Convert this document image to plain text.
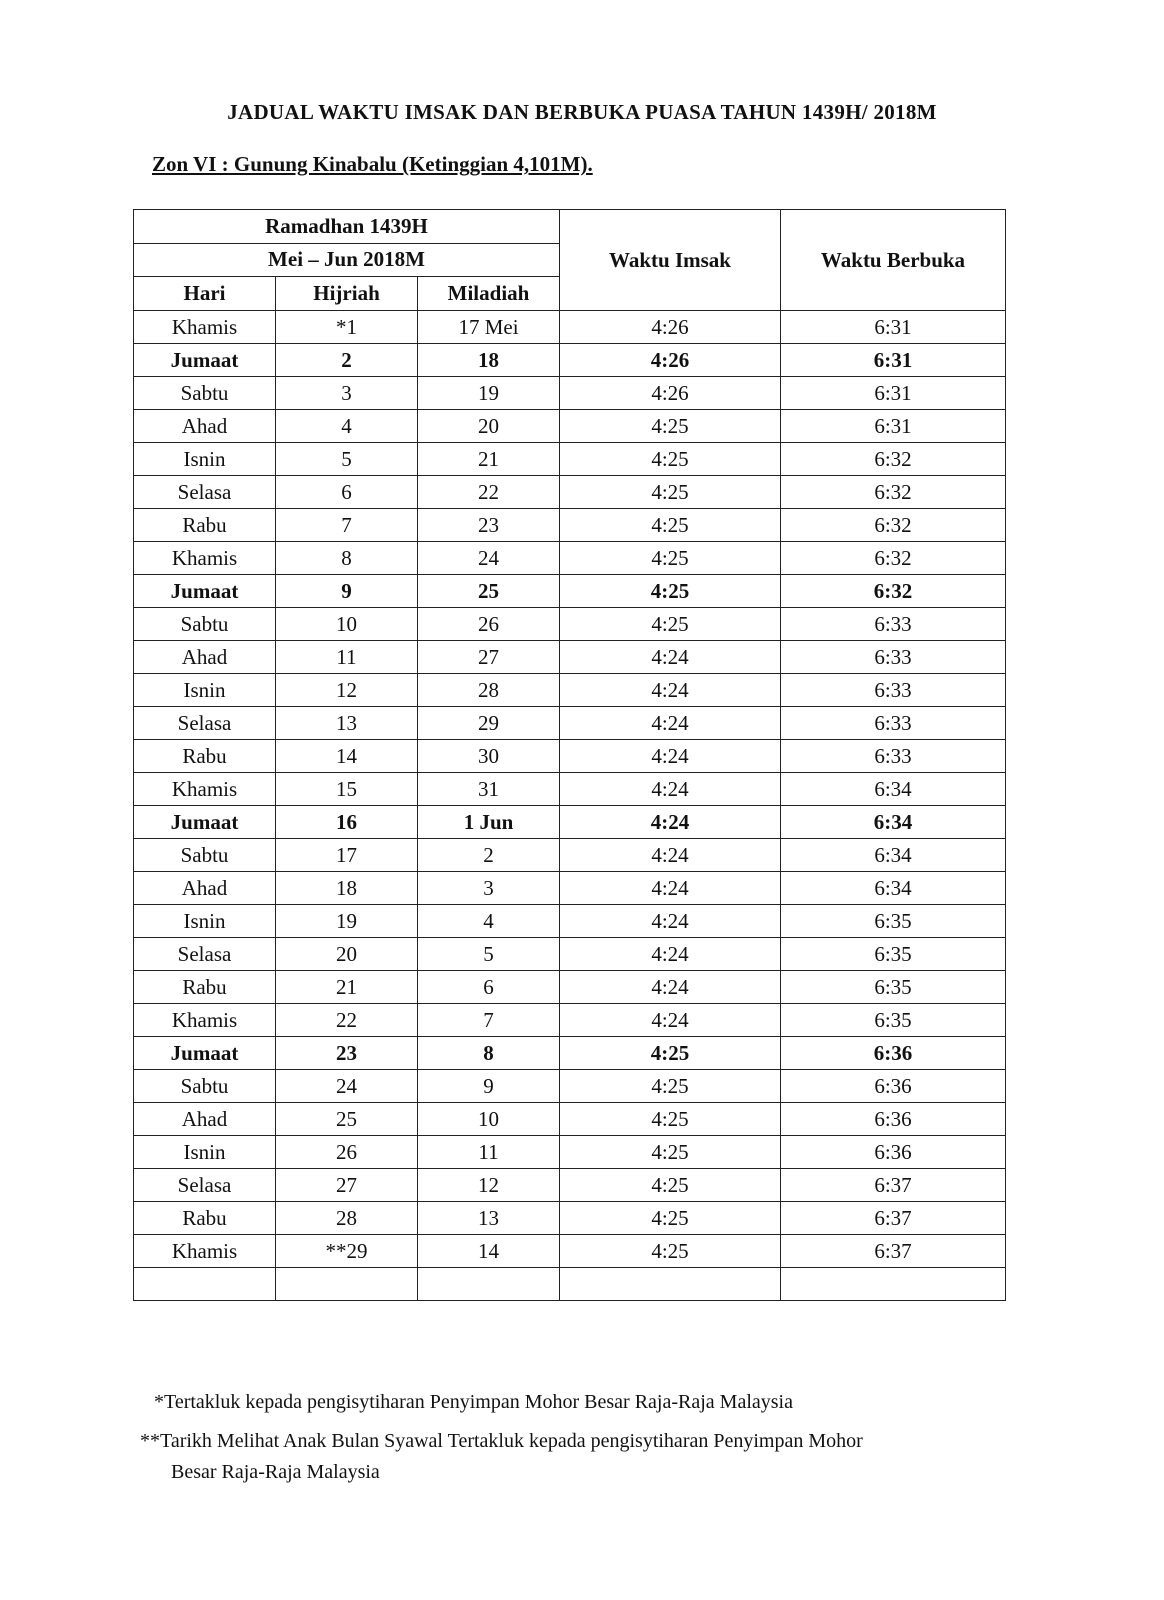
JADUAL WAKTU IMSAK DAN BERBUKA PUASA TAHUN 1439H/ 2018M
Zon VI : Gunung Kinabalu (Ketinggian 4,101M).
Ramadhan 1439H			Waktu Imsak	Waktu Berbuka
Mei – Jun 2018M				
Hari	Hijriah	Miladiah		
Khamis	*1	17 Mei	4:26	6:31
Jumaat	2	18	4:26	6:31
Sabtu	3	19	4:26	6:31
Ahad	4	20	4:25	6:31
Isnin	5	21	4:25	6:32
Selasa	6	22	4:25	6:32
Rabu	7	23	4:25	6:32
Khamis	8	24	4:25	6:32
Jumaat	9	25	4:25	6:32
Sabtu	10	26	4:25	6:33
Ahad	11	27	4:24	6:33
Isnin	12	28	4:24	6:33
Selasa	13	29	4:24	6:33
Rabu	14	30	4:24	6:33
Khamis	15	31	4:24	6:34
Jumaat	16	1 Jun	4:24	6:34
Sabtu	17	2	4:24	6:34
Ahad	18	3	4:24	6:34
Isnin	19	4	4:24	6:35
Selasa	20	5	4:24	6:35
Rabu	21	6	4:24	6:35
Khamis	22	7	4:24	6:35
Jumaat	23	8	4:25	6:36
Sabtu	24	9	4:25	6:36
Ahad	25	10	4:25	6:36
Isnin	26	11	4:25	6:36
Selasa	27	12	4:25	6:37
Rabu	28	13	4:25	6:37
Khamis	**29	14	4:25	6:37

*Tertakluk kepada pengisytiharan Penyimpan Mohor Besar Raja-Raja Malaysia
**Tarikh Melihat Anak Bulan Syawal Tertakluk kepada pengisytiharan Penyimpan Mohor
Besar Raja-Raja Malaysia
